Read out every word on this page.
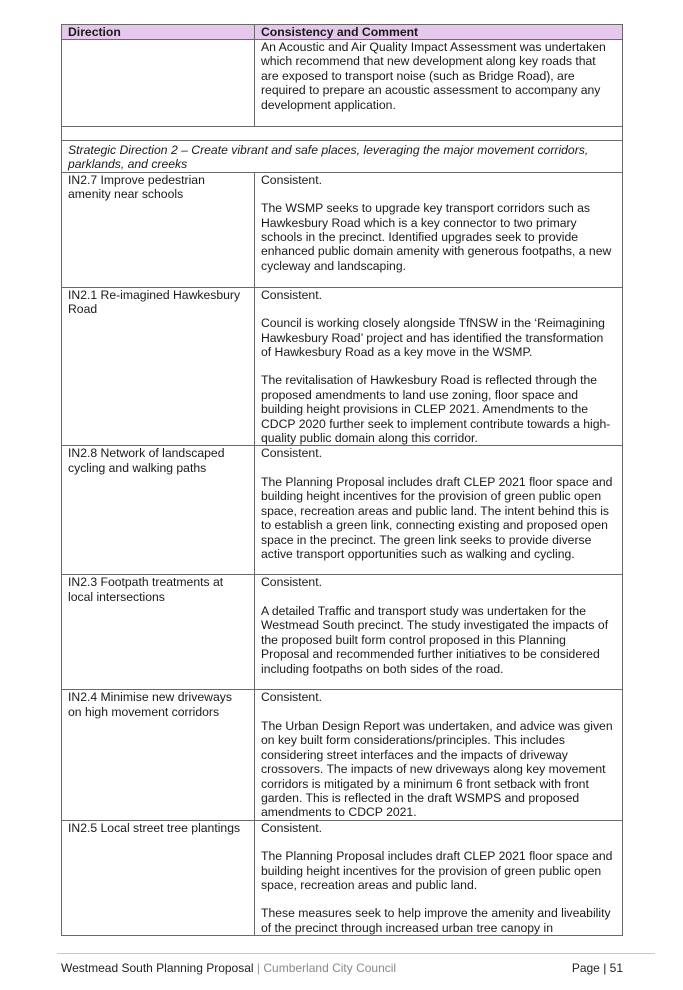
Direction	Consistency and Comment

	An Acoustic and Air Quality Impact Assessment was undertaken which recommend that new development along key roads that are exposed to transport noise (such as Bridge Road), are required to prepare an acoustic assessment to accompany any development application.

Strategic Direction 2 – Create vibrant and safe places, leveraging the major movement corridors, parklands, and creeks	
IN2.7 Improve pedestrian amenity near schools	Consistent.

The WSMP seeks to upgrade key transport corridors such as Hawkesbury Road which is a key connector to two primary schools in the precinct. Identified upgrades seek to provide enhanced public domain amenity with generous footpaths, a new cycleway and landscaping.

IN2.1 Re-imagined Hawkesbury Road	Consistent.

Council is working closely alongside TfNSW in the ‘Reimagining Hawkesbury Road’ project and has identified the transformation of Hawkesbury Road as a key move in the WSMP.

The revitalisation of Hawkesbury Road is reflected through the proposed amendments to land use zoning, floor space and building height provisions in CLEP 2021. Amendments to the CDCP 2020 further seek to implement contribute towards a high-quality public domain along this corridor.

IN2.8 Network of landscaped cycling and walking paths	Consistent.

The Planning Proposal includes draft CLEP 2021 floor space and building height incentives for the provision of green public open space, recreation areas and public land. The intent behind this is to establish a green link, connecting existing and proposed open space in the precinct. The green link seeks to provide diverse active transport opportunities such as walking and cycling.

IN2.3 Footpath treatments at local intersections	Consistent.

A detailed Traffic and transport study was undertaken for the Westmead South precinct. The study investigated the impacts of the proposed built form control proposed in this Planning Proposal and recommended further initiatives to be considered including footpaths on both sides of the road.

IN2.4 Minimise new driveways on high movement corridors	Consistent.

The Urban Design Report was undertaken, and advice was given on key built form considerations/principles. This includes considering street interfaces and the impacts of driveway crossovers. The impacts of new driveways along key movement corridors is mitigated by a minimum 6 front setback with front garden. This is reflected in the draft WSMPS and proposed amendments to CDCP 2021.

IN2.5 Local street tree plantings	Consistent.

The Planning Proposal includes draft CLEP 2021 floor space and building height incentives for the provision of green public open space, recreation areas and public land.

These measures seek to help improve the amenity and liveability of the precinct through increased urban tree canopy in

Westmead South Planning Proposal | Cumberland City Council	Page | 51
